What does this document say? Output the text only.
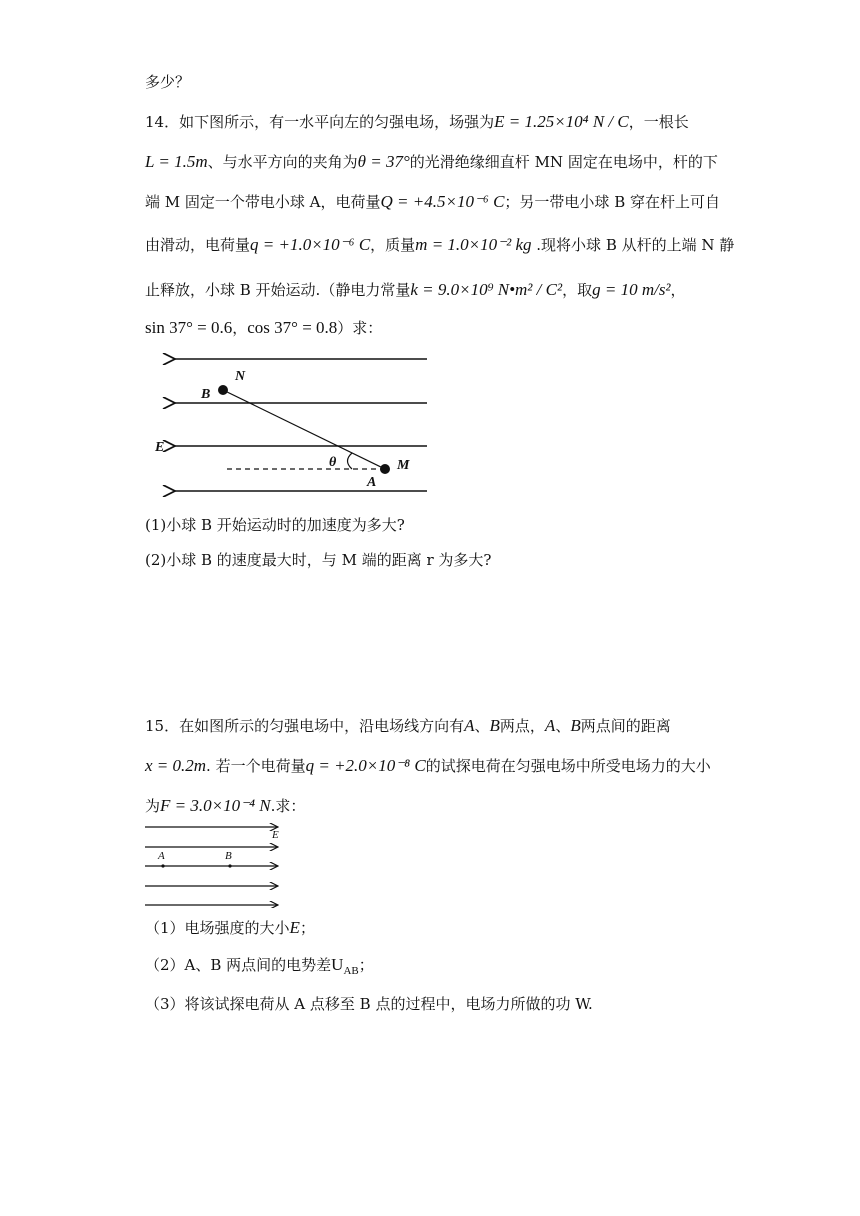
多少？
14．如下图所示，有一水平向左的匀强电场，场强为E = 1.25×10⁴ N / C，一根长
L = 1.5m、与水平方向的夹角为θ = 37°的光滑绝缘细直杆 MN 固定在电场中，杆的下
端 M 固定一个带电小球 A，电荷量Q = +4.5×10⁻⁶ C；另一带电小球 B 穿在杆上可自
由滑动，电荷量q = +1.0×10⁻⁶ C，质量m = 1.0×10⁻² kg .现将小球 B 从杆的上端 N 静
止释放，小球 B 开始运动.（静电力常量k = 9.0×10⁹ N•m² / C²，取g = 10 m/s²，
sin 37° = 0.6，cos 37° = 0.8）求：
N
B
E
θ	M
A
(1)小球 B 开始运动时的加速度为多大?
(2)小球 B 的速度最大时，与 M 端的距离 r 为多大?
15．在如图所示的匀强电场中，沿电场线方向有A、B两点，A、B两点间的距离
x = 0.2m. 若一个电荷量q = +2.0×10⁻⁸ C的试探电荷在匀强电场中所受电场力的大小
为F = 3.0×10⁻⁴ N.求：
E
A	B
（1）电场强度的大小E；
（2）A、B 两点间的电势差$U_{AB}$；
（3）将该试探电荷从 A 点移至 B 点的过程中，电场力所做的功 W.
